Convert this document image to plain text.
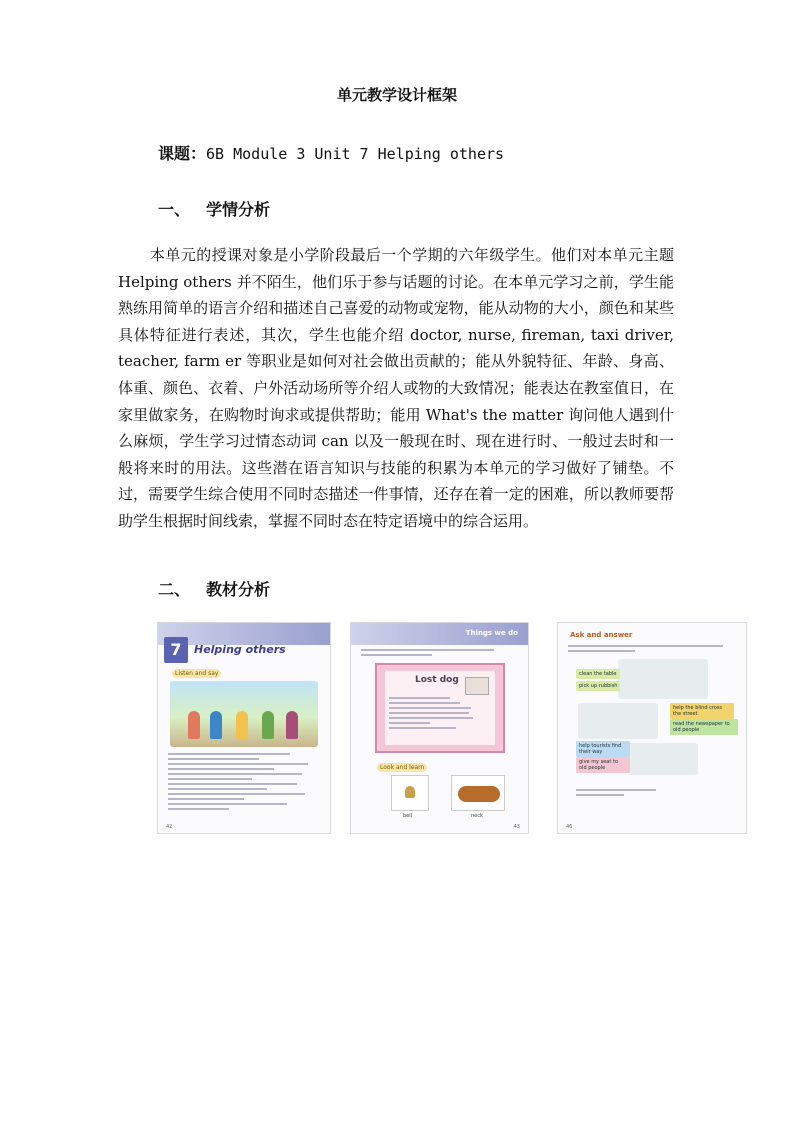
单元教学设计框架
课题：6B Module 3 Unit 7 Helping others
一、 学情分析
本单元的授课对象是小学阶段最后一个学期的六年级学生。他们对本单元主题 Helping others 并不陌生，他们乐于参与话题的讨论。在本单元学习之前，学生能熟练用简单的语言介绍和描述自己喜爱的动物或宠物，能从动物的大小，颜色和某些具体特征进行表述，其次，学生也能介绍 doctor, nurse, fireman, taxi driver, teacher, farm er 等职业是如何对社会做出贡献的；能从外貌特征、年龄、身高、体重、颜色、衣着、户外活动场所等介绍人或物的大致情况；能表达在教室值日，在家里做家务，在购物时询求或提供帮助；能用 What's the matter 询问他人遇到什么麻烦，学生学习过情态动词 can 以及一般现在时、现在进行时、一般过去时和一般将来时的用法。这些潜在语言知识与技能的积累为本单元的学习做好了铺垫。不过，需要学生综合使用不同时态描述一件事情，还存在着一定的困难，所以教师要帮助学生根据时间线索，掌握不同时态在特定语境中的综合运用。
二、 教材分析
7	Helping others
Listen and say
42
Things we do
Lost dog
Look and learn
bell	neck
43
Ask and answer
clean the table
pick up rubbish
help the blind cross the street
read the newspaper to old people
help tourists find their way
give my seat to old people
46
